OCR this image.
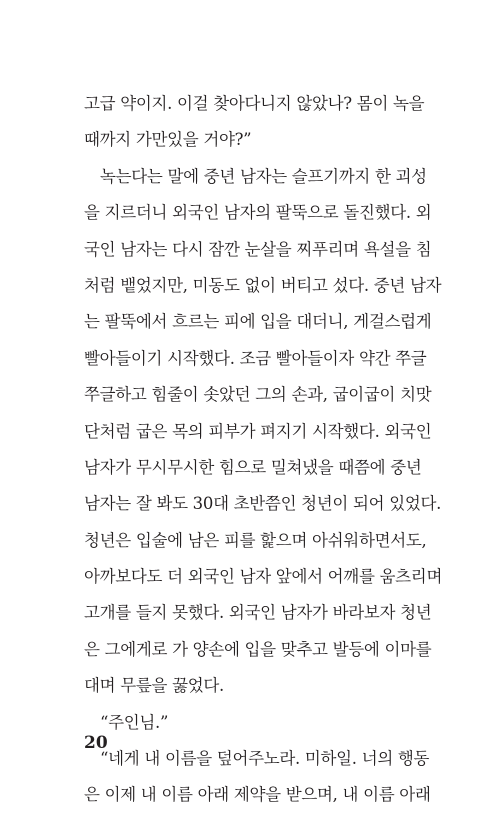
고급 약이지. 이걸 찾아다니지 않았나? 몸이 녹을
때까지 가만있을 거야?”
녹는다는 말에 중년 남자는 슬프기까지 한 괴성
을 지르더니 외국인 남자의 팔뚝으로 돌진했다. 외
국인 남자는 다시 잠깐 눈살을 찌푸리며 욕설을 침
처럼 뱉었지만, 미동도 없이 버티고 섰다. 중년 남자
는 팔뚝에서 흐르는 피에 입을 대더니, 게걸스럽게
빨아들이기 시작했다. 조금 빨아들이자 약간 쭈글
쭈글하고 힘줄이 솟았던 그의 손과, 굽이굽이 치맛
단처럼 굽은 목의 피부가 펴지기 시작했다. 외국인
남자가 무시무시한 힘으로 밀쳐냈을 때쯤에 중년
남자는 잘 봐도 30대 초반쯤인 청년이 되어 있었다.
청년은 입술에 남은 피를 핥으며 아쉬워하면서도,
아까보다도 더 외국인 남자 앞에서 어깨를 움츠리며
고개를 들지 못했다. 외국인 남자가 바라보자 청년
은 그에게로 가 양손에 입을 맞추고 발등에 이마를
대며 무릎을 꿇었다.
“주인님.”
“네게 내 이름을 덮어주노라. 미하일. 너의 행동
은 이제 내 이름 아래 제약을 받으며, 내 이름 아래
20
